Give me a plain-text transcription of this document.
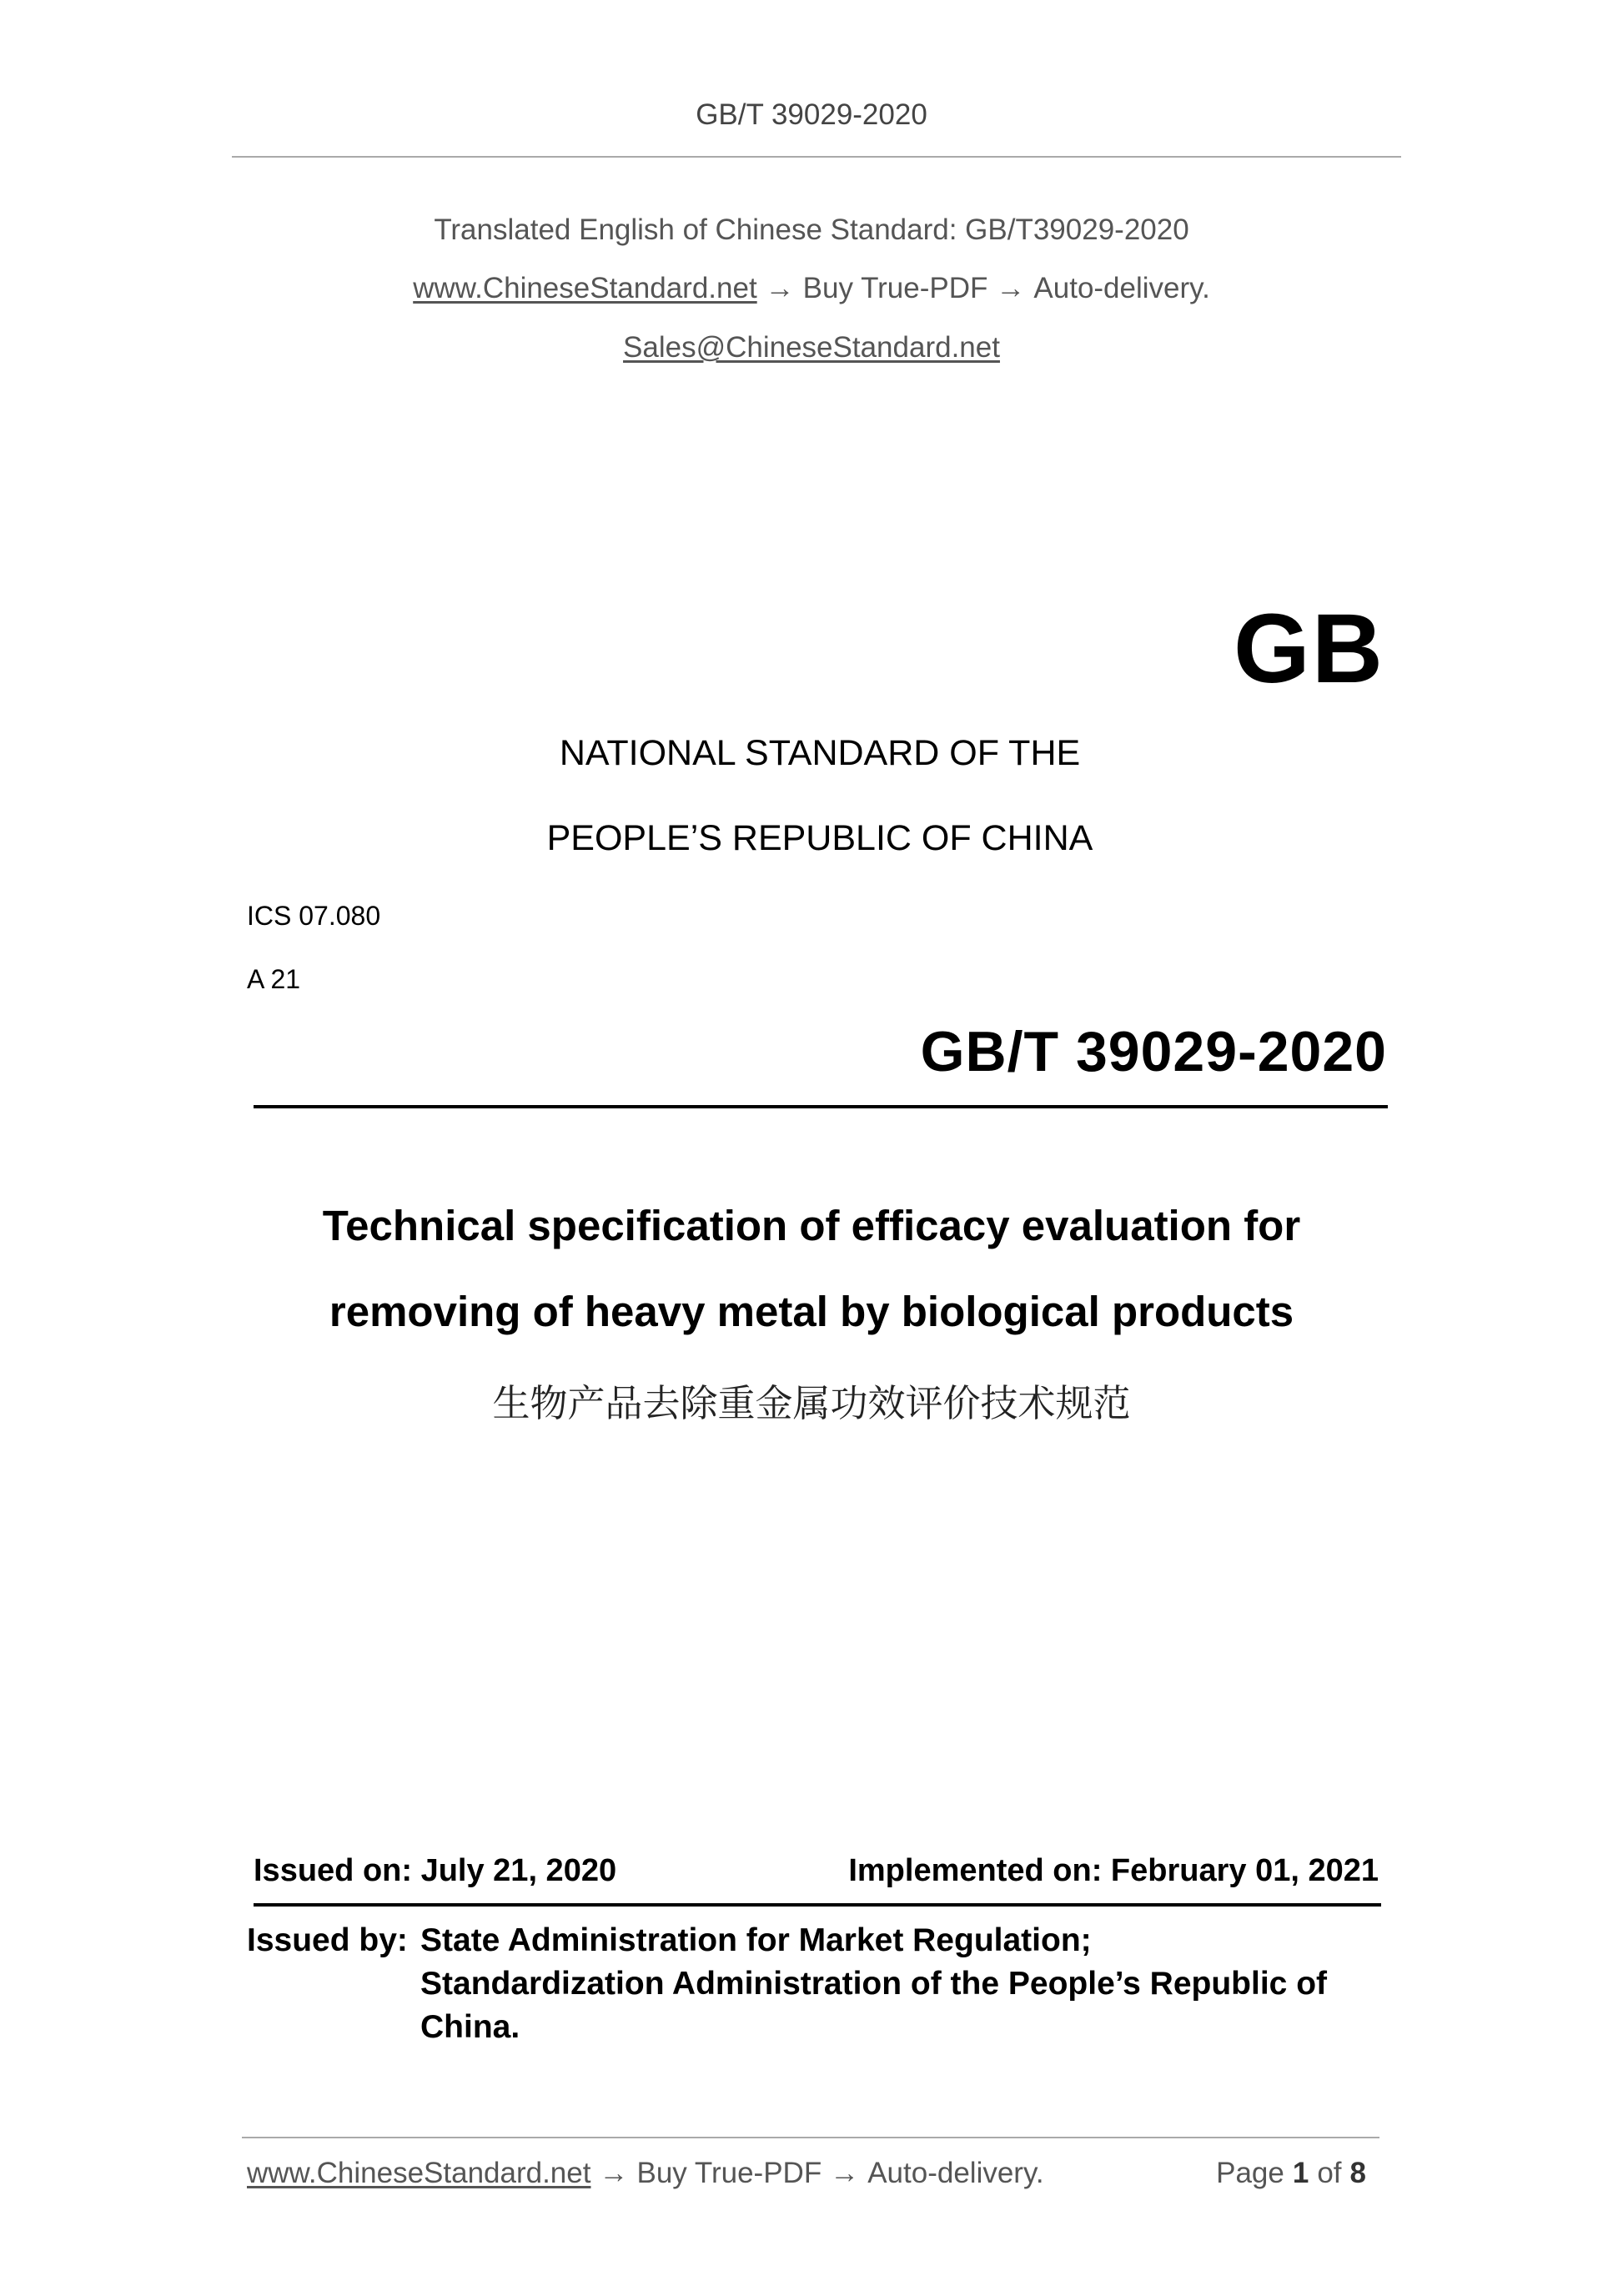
GB/T 39029-2020
Translated English of Chinese Standard: GB/T39029-2020
www.ChineseStandard.net → Buy True-PDF → Auto-delivery.
Sales@ChineseStandard.net
GB
NATIONAL STANDARD OF THE
PEOPLE’S REPUBLIC OF CHINA
ICS 07.080
A 21
GB/T 39029-2020
Technical specification of efficacy evaluation for
removing of heavy metal by biological products
生物产品去除重金属功效评价技术规范
Issued on: July 21, 2020	Implemented on: February 01, 2021
Issued by: State Administration for Market Regulation;
Standardization Administration of the People’s Republic of
China.
www.ChineseStandard.net → Buy True-PDF → Auto-delivery.	Page 1 of 8
